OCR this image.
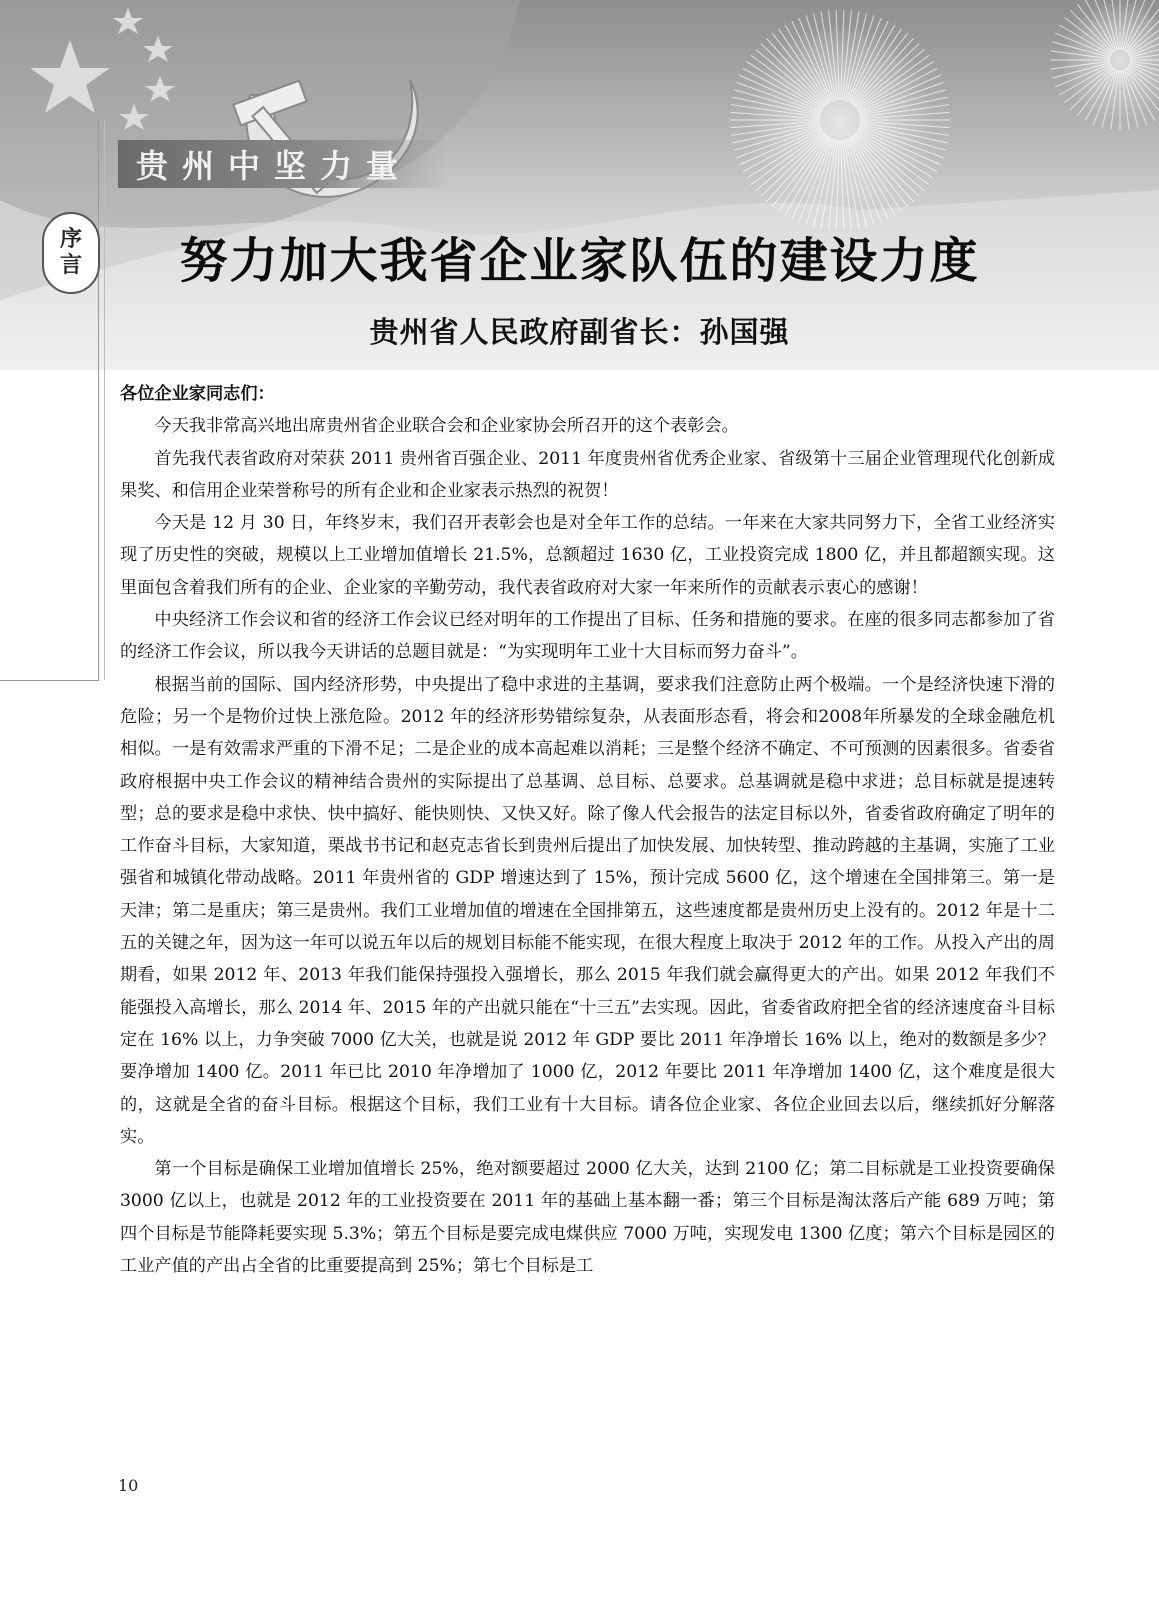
贵州中坚力量
序
言	努力加大我省企业家队伍的建设力度
贵州省人民政府副省长：孙国强

各位企业家同志们：

今天我非常高兴地出席贵州省企业联合会和企业家协会所召开的这个表彰会。

首先我代表省政府对荣获 2011 贵州省百强企业、2011 年度贵州省优秀企业家、省级第十三届企业管理现代化创新成果奖、和信用企业荣誉称号的所有企业和企业家表示热烈的祝贺！

今天是 12 月 30 日，年终岁末，我们召开表彰会也是对全年工作的总结。一年来在大家共同努力下，全省工业经济实现了历史性的突破，规模以上工业增加值增长 21.5%，总额超过 1630 亿，工业投资完成 1800 亿，并且都超额实现。这里面包含着我们所有的企业、企业家的辛勤劳动，我代表省政府对大家一年来所作的贡献表示衷心的感谢！

中央经济工作会议和省的经济工作会议已经对明年的工作提出了目标、任务和措施的要求。在座的很多同志都参加了省的经济工作会议，所以我今天讲话的总题目就是：“为实现明年工业十大目标而努力奋斗”。

根据当前的国际、国内经济形势，中央提出了稳中求进的主基调，要求我们注意防止两个极端。一个是经济快速下滑的危险；另一个是物价过快上涨危险。2012 年的经济形势错综复杂，从表面形态看，将会和2008年所暴发的全球金融危机相似。一是有效需求严重的下滑不足；二是企业的成本高起难以消耗；三是整个经济不确定、不可预测的因素很多。省委省政府根据中央工作会议的精神结合贵州的实际提出了总基调、总目标、总要求。总基调就是稳中求进；总目标就是提速转型；总的要求是稳中求快、快中搞好、能快则快、又快又好。除了像人代会报告的法定目标以外，省委省政府确定了明年的工作奋斗目标，大家知道，栗战书书记和赵克志省长到贵州后提出了加快发展、加快转型、推动跨越的主基调，实施了工业强省和城镇化带动战略。2011 年贵州省的 GDP 增速达到了 15%，预计完成 5600 亿，这个增速在全国排第三。第一是天津；第二是重庆；第三是贵州。我们工业增加值的增速在全国排第五，这些速度都是贵州历史上没有的。2012 年是十二五的关键之年，因为这一年可以说五年以后的规划目标能不能实现，在很大程度上取决于 2012 年的工作。从投入产出的周期看，如果 2012 年、2013 年我们能保持强投入强增长，那么 2015 年我们就会赢得更大的产出。如果 2012 年我们不能强投入高增长，那么 2014 年、2015 年的产出就只能在“十三五”去实现。因此，省委省政府把全省的经济速度奋斗目标定在 16% 以上，力争突破 7000 亿大关，也就是说 2012 年 GDP 要比 2011 年净增长 16% 以上，绝对的数额是多少？要净增加 1400 亿。2011 年已比 2010 年净增加了 1000 亿，2012 年要比 2011 年净增加 1400 亿，这个难度是很大的，这就是全省的奋斗目标。根据这个目标，我们工业有十大目标。请各位企业家、各位企业回去以后，继续抓好分解落实。

第一个目标是确保工业增加值增长 25%，绝对额要超过 2000 亿大关，达到 2100 亿；第二目标就是工业投资要确保 3000 亿以上，也就是 2012 年的工业投资要在 2011 年的基础上基本翻一番；第三个目标是淘汰落后产能 689 万吨；第四个目标是节能降耗要实现 5.3%；第五个目标是要完成电煤供应 7000 万吨，实现发电 1300 亿度；第六个目标是园区的工业产值的产出占全省的比重要提高到 25%；第七个目标是工

10
